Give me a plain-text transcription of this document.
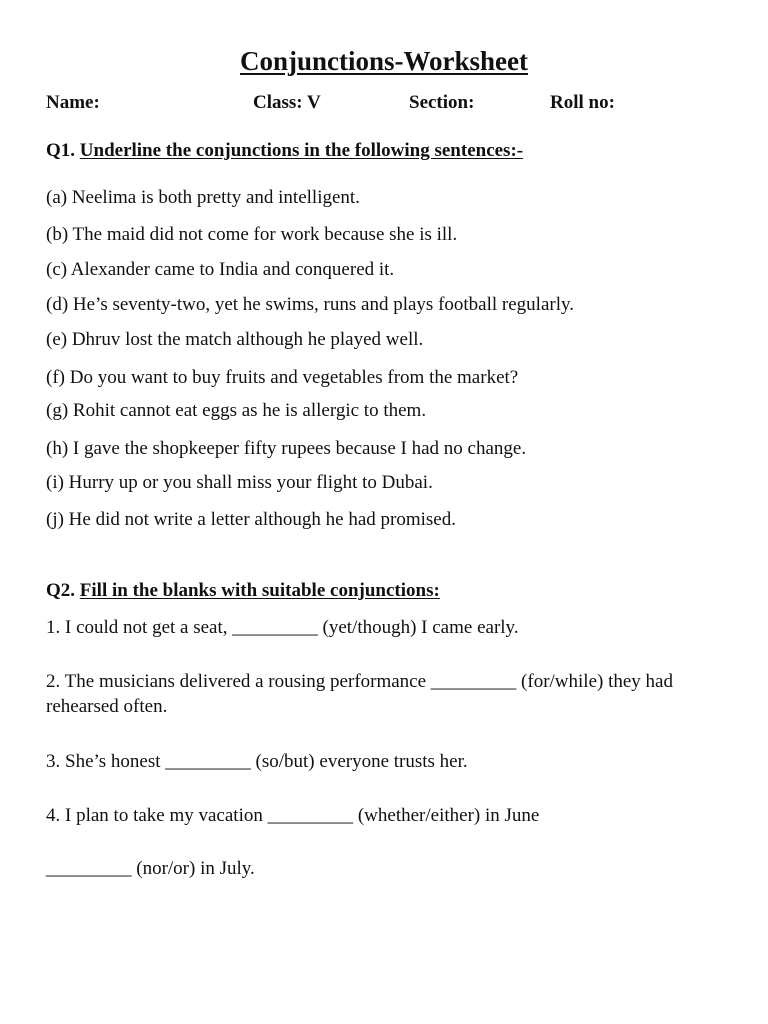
Conjunctions-Worksheet
Name:	Class: V	Section:	Roll no:
Q1. Underline the conjunctions in the following sentences:-
(a) Neelima is both pretty and intelligent.
(b) The maid did not come for work because she is ill.
(c) Alexander came to India and conquered it.
(d) He’s seventy-two, yet he swims, runs and plays football regularly.
(e) Dhruv lost the match although he played well.
(f) Do you want to buy fruits and vegetables from the market?
(g) Rohit cannot eat eggs as he is allergic to them.
(h) I gave the shopkeeper fifty rupees because I had no change.
(i) Hurry up or you shall miss your flight to Dubai.
(j) He did not write a letter although he had promised.
Q2. Fill in the blanks with suitable conjunctions:
1. I could not get a seat, _________ (yet/though) I came early.
2. The musicians delivered a rousing performance _________ (for/while) they had rehearsed often.
3. She’s honest _________ (so/but) everyone trusts her.
4. I plan to take my vacation _________ (whether/either) in June
_________ (nor/or) in July.
